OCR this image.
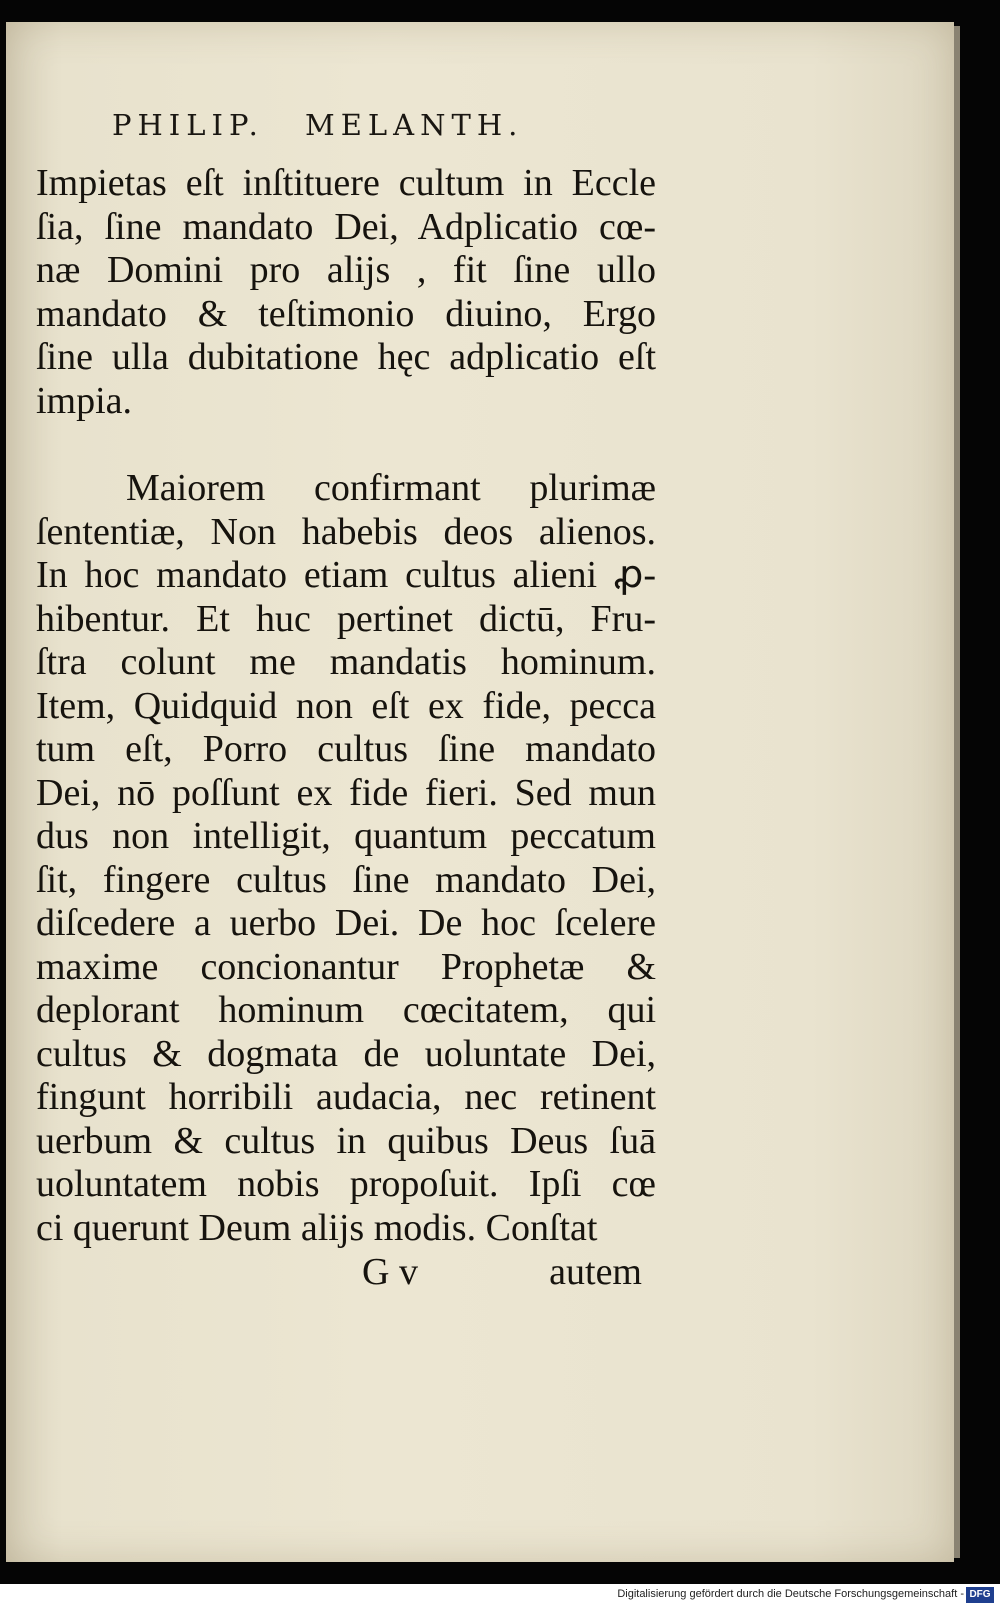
PHILIP. MELANTH.
Impietas eſt inſtituere cultum in Eccle
ſia, ſine mandato Dei, Adplicatio cœ-
næ Domini pro aliјs , fit ſine ullo
mandato & teſtimonio diuino, Ergo
ſine ulla dubitatione hęc adplicatio eſt
impia.
Maiorem confirmant plurimæ
ſententiæ, Non habebis deos alienos.
In hoc mandato etiam cultus alieni ꝓ-
hibentur. Et huc pertinet dictū, Fru-
ſtra colunt me mandatis hominum.
Item, Quidquid non eſt ex fide, pecca
tum eſt, Porro cultus ſine mandato
Dei, nō poſſunt ex fide fieri. Sed mun
dus non intelligit, quantum peccatum
ſit, fingere cultus ſine mandato Dei,
diſcedere a uerbo Dei. De hoc ſcelere
maxime concionantur Prophetæ &
deplorant hominum cœcitatem, qui
cultus & dogmata de uoluntate Dei,
fingunt horribili audacia, nec retinent
uerbum & cultus in quibus Deus ſuā
uoluntatem nobis propoſuit. Ipſi cœ
ci querunt Deum aliјs modis. Conſtat
G v	autem
Digitalisierung gefördert durch die Deutsche Forschungsgemeinschaft - DFG
